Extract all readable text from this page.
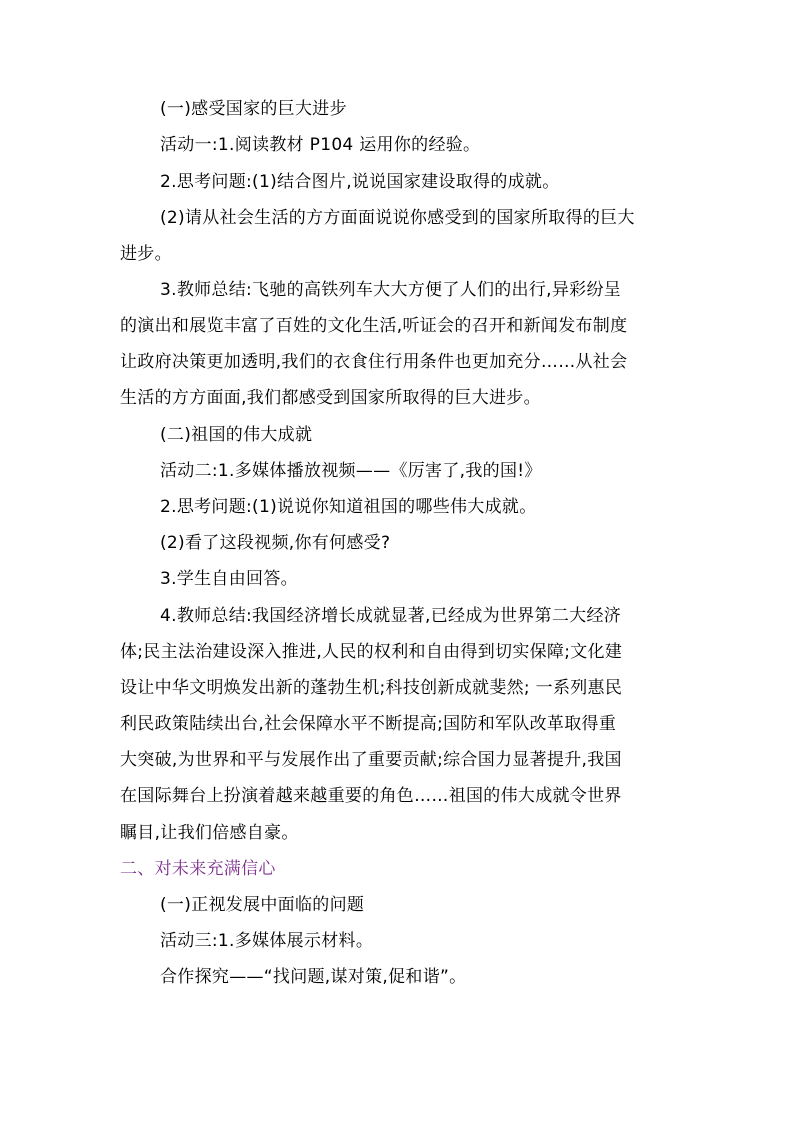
(一)感受国家的巨大进步
活动一:1.阅读教材 P104 运用你的经验。
2.思考问题:(1)结合图片,说说国家建设取得的成就。
(2)请从社会生活的方方面面说说你感受到的国家所取得的巨大
进步。
3.教师总结:飞驰的高铁列车大大方便了人们的出行,异彩纷呈
的演出和展览丰富了百姓的文化生活,听证会的召开和新闻发布制度
让政府决策更加透明,我们的衣食住行用条件也更加充分……从社会
生活的方方面面,我们都感受到国家所取得的巨大进步。
(二)祖国的伟大成就
活动二:1.多媒体播放视频——《厉害了,我的国!》
2.思考问题:(1)说说你知道祖国的哪些伟大成就。
(2)看了这段视频,你有何感受?
3.学生自由回答。
4.教师总结:我国经济增长成就显著,已经成为世界第二大经济
体;民主法治建设深入推进,人民的权利和自由得到切实保障;文化建
设让中华文明焕发出新的蓬勃生机;科技创新成就斐然; 一系列惠民
利民政策陆续出台,社会保障水平不断提高;国防和军队改革取得重
大突破,为世界和平与发展作出了重要贡献;综合国力显著提升,我国
在国际舞台上扮演着越来越重要的角色……祖国的伟大成就令世界
瞩目,让我们倍感自豪。
二、对未来充满信心
(一)正视发展中面临的问题
活动三:1.多媒体展示材料。
合作探究——“找问题,谋对策,促和谐”。
